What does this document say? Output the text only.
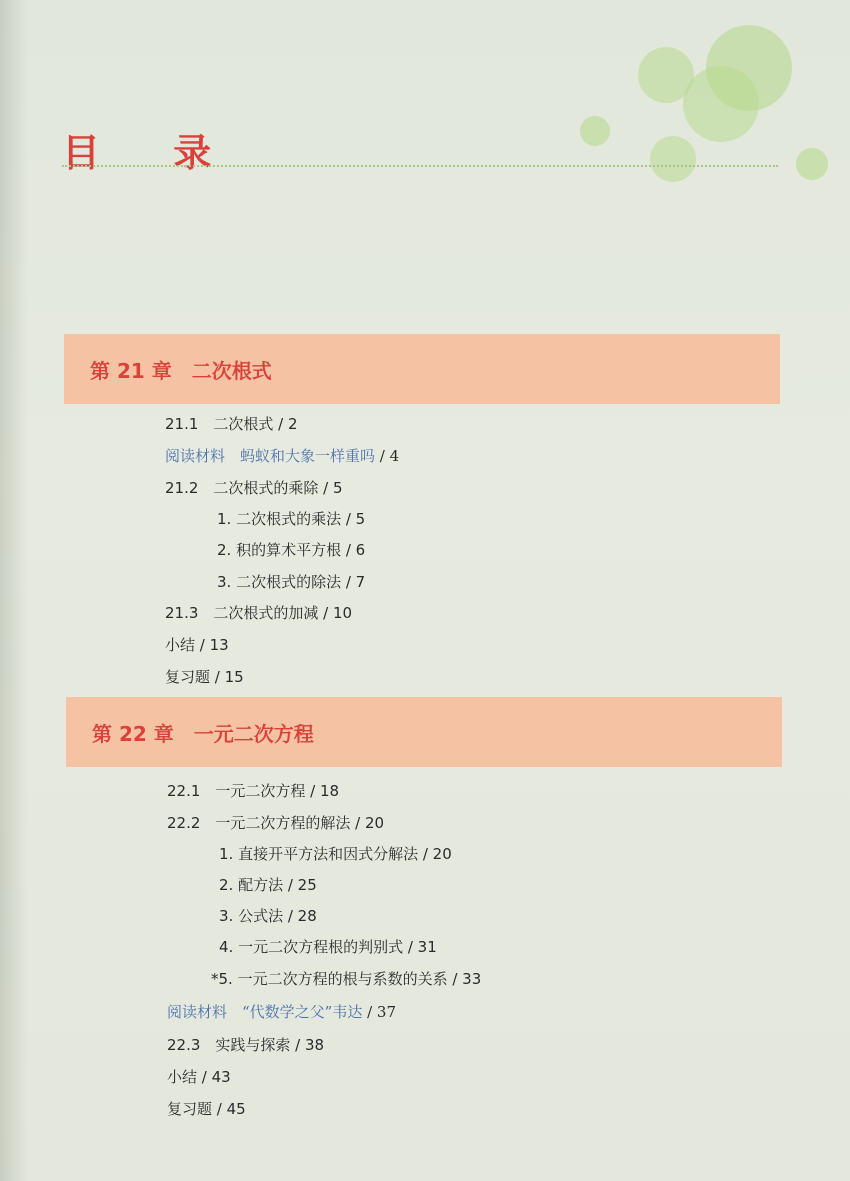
目 录
第 21 章　二次根式
21.1　二次根式 / 2
阅读材料　蚂蚁和大象一样重吗 / 4
21.2　二次根式的乘除 / 5
1. 二次根式的乘法 / 5
2. 积的算术平方根 / 6
3. 二次根式的除法 / 7
21.3　二次根式的加减 / 10
小结 / 13
复习题 / 15
第 22 章　一元二次方程
22.1　一元二次方程 / 18
22.2　一元二次方程的解法 / 20
1. 直接开平方法和因式分解法 / 20
2. 配方法 / 25
3. 公式法 / 28
4. 一元二次方程根的判别式 / 31
*5. 一元二次方程的根与系数的关系 / 33
阅读材料　“代数学之父”韦达 / 37
22.3　实践与探索 / 38
小结 / 43
复习题 / 45
